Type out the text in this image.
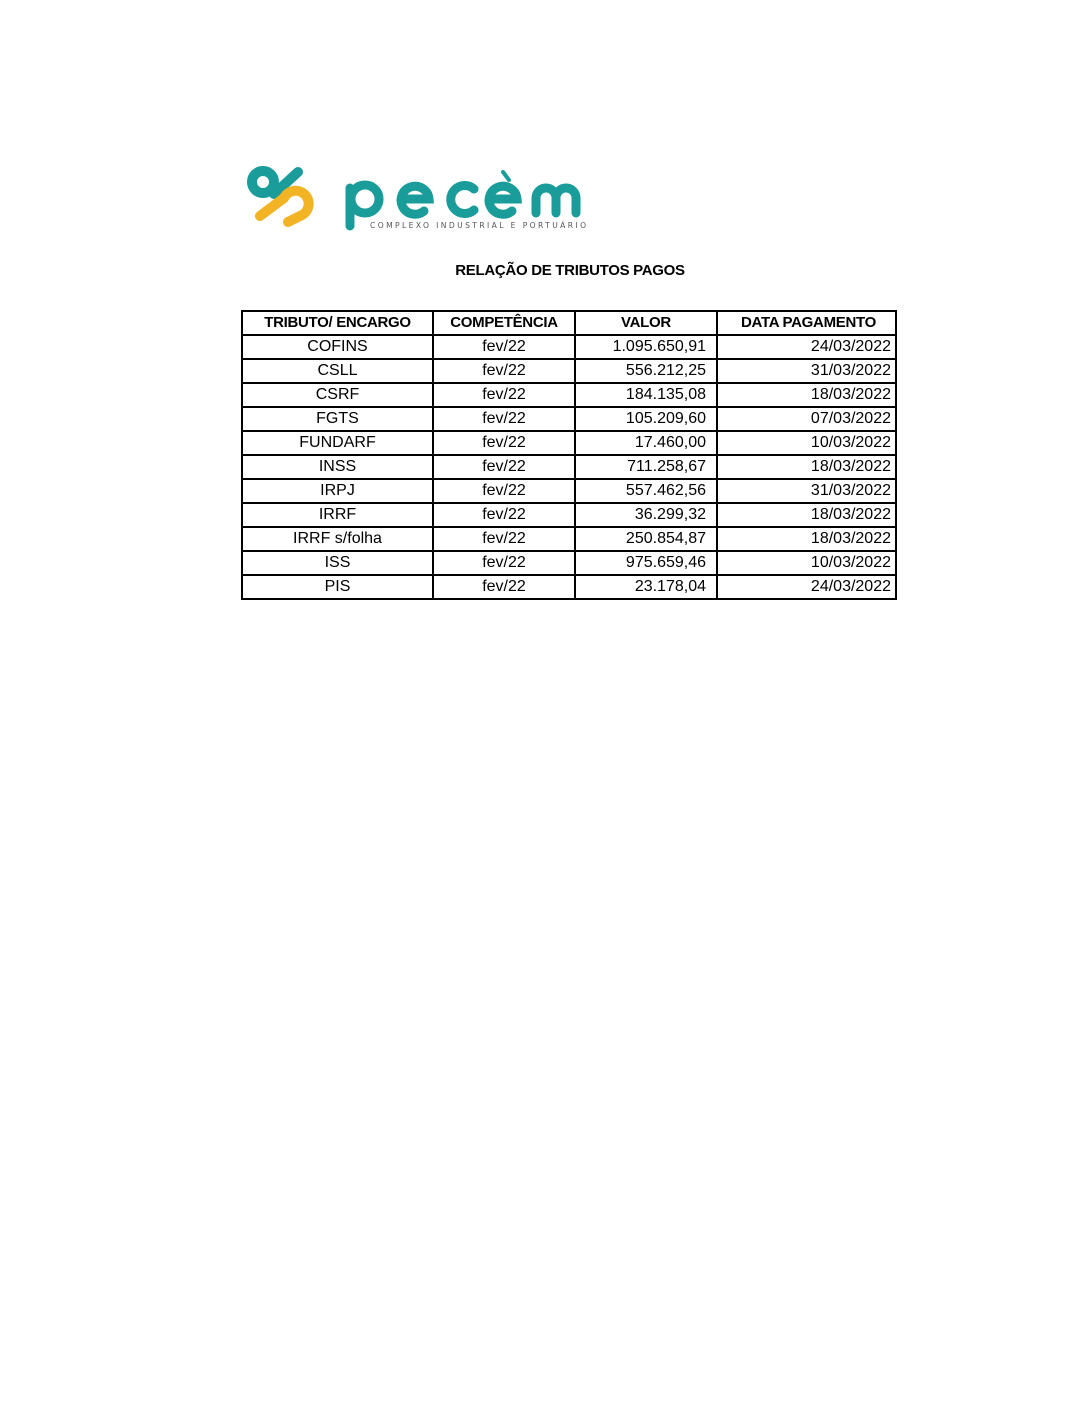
COMPLEXO INDUSTRIAL E PORTUÁRIO
RELAÇÃO DE TRIBUTOS PAGOS
TRIBUTO/ ENCARGO	COMPETÊNCIA	VALOR	DATA PAGAMENTO
COFINS	fev/22	1.095.650,91	24/03/2022
CSLL	fev/22	556.212,25	31/03/2022
CSRF	fev/22	184.135,08	18/03/2022
FGTS	fev/22	105.209,60	07/03/2022
FUNDARF	fev/22	17.460,00	10/03/2022
INSS	fev/22	711.258,67	18/03/2022
IRPJ	fev/22	557.462,56	31/03/2022
IRRF	fev/22	36.299,32	18/03/2022
IRRF s/folha	fev/22	250.854,87	18/03/2022
ISS	fev/22	975.659,46	10/03/2022
PIS	fev/22	23.178,04	24/03/2022
